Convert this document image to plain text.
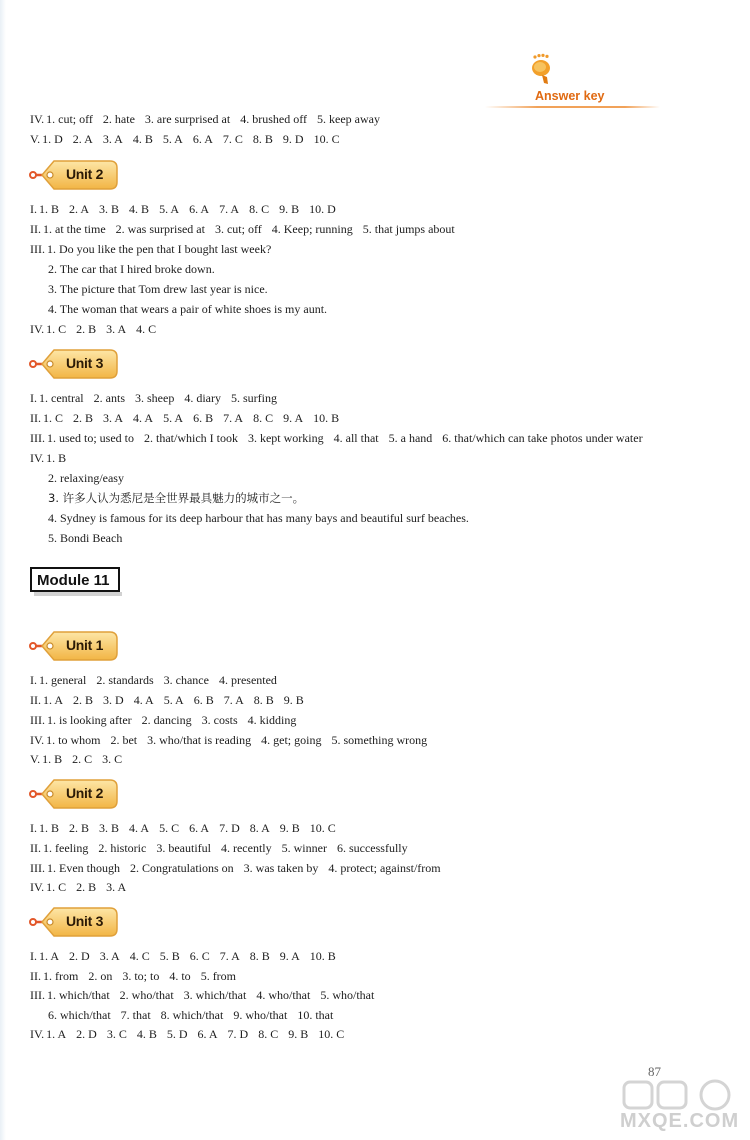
Answer key
IV. 1. cut; off 2. hate 3. are surprised at 4. brushed off 5. keep away
V. 1. D 2. A 3. A 4. B 5. A 6. A 7. C 8. B 9. D 10. C
I. 1. B 2. A 3. B 4. B 5. A 6. A 7. A 8. C 9. B 10. D
II. 1. at the time 2. was surprised at 3. cut; off 4. Keep; running 5. that jumps about
III. 1. Do you like the pen that I bought last week?
2. The car that I hired broke down.
3. The picture that Tom drew last year is nice.
4. The woman that wears a pair of white shoes is my aunt.
IV. 1. C 2. B 3. A 4. C
I. 1. central 2. ants 3. sheep 4. diary 5. surfing
II. 1. C 2. B 3. A 4. A 5. A 6. B 7. A 8. C 9. A 10. B
III. 1. used to; used to 2. that/which I took 3. kept working 4. all that 5. a hand 6. that/which can take photos under water
IV. 1. B
2. relaxing/easy
3. 许多人认为悉尼是全世界最具魅力的城市之一。
4. Sydney is famous for its deep harbour that has many bays and beautiful surf beaches.
5. Bondi Beach
I. 1. general 2. standards 3. chance 4. presented
II. 1. A 2. B 3. D 4. A 5. A 6. B 7. A 8. B 9. B
III. 1. is looking after 2. dancing 3. costs 4. kidding
IV. 1. to whom 2. bet 3. who/that is reading 4. get; going 5. something wrong
V. 1. B 2. C 3. C
I. 1. B 2. B 3. B 4. A 5. C 6. A 7. D 8. A 9. B 10. C
II. 1. feeling 2. historic 3. beautiful 4. recently 5. winner 6. successfully
III. 1. Even though 2. Congratulations on 3. was taken by 4. protect; against/from
IV. 1. C 2. B 3. A
I. 1. A 2. D 3. A 4. C 5. B 6. C 7. A 8. B 9. A 10. B
II. 1. from 2. on 3. to; to 4. to 5. from
III. 1. which/that 2. who/that 3. which/that 4. who/that 5. who/that
6. which/that 7. that 8. which/that 9. who/that 10. that
IV. 1. A 2. D 3. C 4. B 5. D 6. A 7. D 8. C 9. B 10. C
Unit 2
Unit 3
Unit 1
Unit 2
Unit 3
Module 11
87
MXQE.COM
